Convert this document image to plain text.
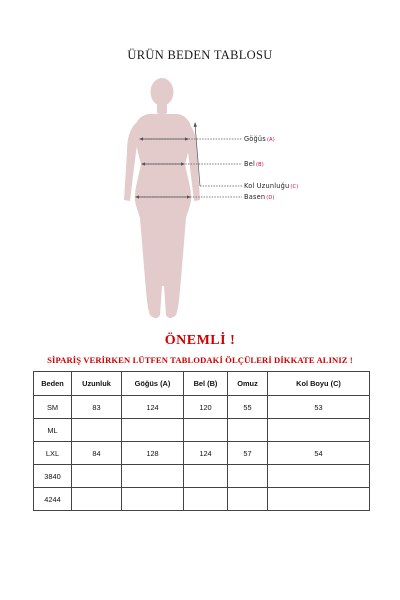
ÜRÜN BEDEN TABLOSU
Göğüs(A)
Bel(B)
Kol Uzunluğu(C)
Basen(D)
ÖNEMLİ !
SİPARİŞ VERİRKEN LÜTFEN TABLODAKİ ÖLÇÜLERİ DİKKATE ALINIZ !
Beden	Uzunluk	Göğüs (A)	Bel (B)	Omuz	Kol Boyu (C)
SM	83	124	120	55	53
ML					
LXL	84	128	124	57	54
3840					
4244					
